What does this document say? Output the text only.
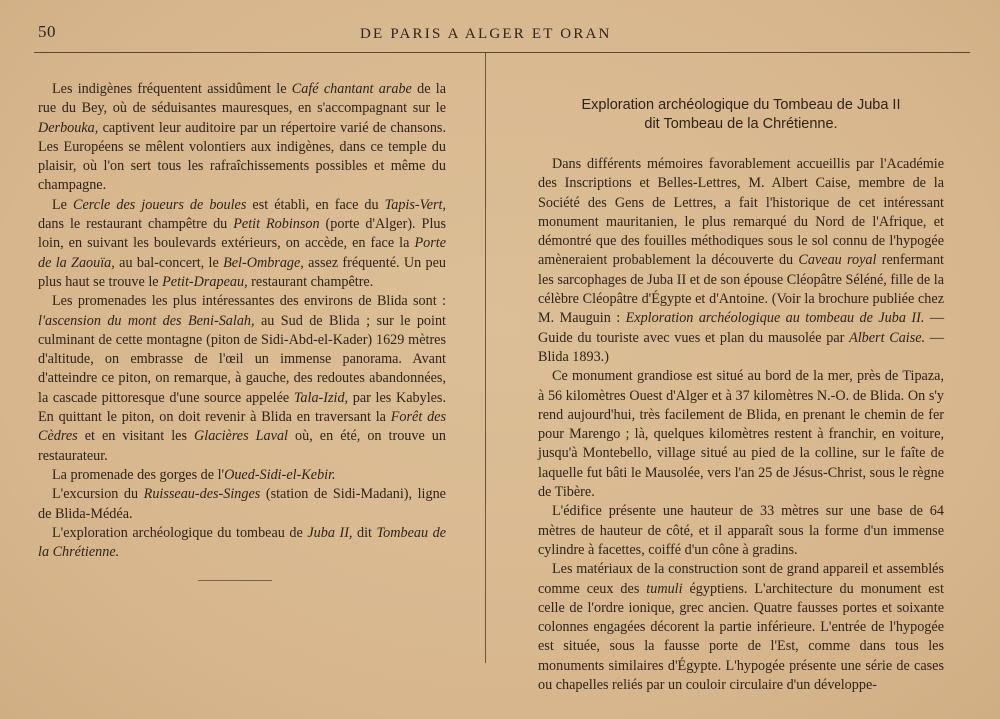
50	DE PARIS A ALGER ET ORAN

Les indigènes fréquentent assidûment le Café chantant arabe de la rue du Bey, où de séduisantes mauresques, en s'accompagnant sur le Derbouka, captivent leur auditoire par un répertoire varié de chansons. Les Européens se mêlent volontiers aux indigènes, dans ce temple du plaisir, où l'on sert tous les rafraîchissements possibles et même du champagne.

Le Cercle des joueurs de boules est établi, en face du Tapis-Vert, dans le restaurant champêtre du Petit Robinson (porte d'Alger). Plus loin, en suivant les boulevards extérieurs, on accède, en face la Porte de la Zaouïa, au bal-concert, le Bel-Ombrage, assez fréquenté. Un peu plus haut se trouve le Petit-Drapeau, restaurant champêtre.

Les promenades les plus intéressantes des environs de Blida sont : l'ascension du mont des Beni-Salah, au Sud de Blida ; sur le point culminant de cette montagne (piton de Sidi-Abd-el-Kader) 1629 mètres d'altitude, on embrasse de l'œil un immense panorama. Avant d'atteindre ce piton, on remarque, à gauche, des redoutes abandonnées, la cascade pittoresque d'une source appelée Tala-Izid, par les Kabyles. En quittant le piton, on doit revenir à Blida en traversant la Forêt des Cèdres et en visitant les Glacières Laval où, en été, on trouve un restaurateur.

La promenade des gorges de l'Oued-Sidi-el-Kebir.

L'excursion du Ruisseau-des-Singes (station de Sidi-Madani), ligne de Blida-Médéa.

L'exploration archéologique du tombeau de Juba II, dit Tombeau de la Chrétienne.

Exploration archéologique du Tombeau de Juba II
dit Tombeau de la Chrétienne.

Dans différents mémoires favorablement accueillis par l'Académie des Inscriptions et Belles-Lettres, M. Albert Caise, membre de la Société des Gens de Lettres, a fait l'historique de cet intéressant monument mauritanien, le plus remarqué du Nord de l'Afrique, et démontré que des fouilles méthodiques sous le sol connu de l'hypogée amèneraient probablement la découverte du Caveau royal renfermant les sarcophages de Juba II et de son épouse Cléopâtre Séléné, fille de la célèbre Cléopâtre d'Égypte et d'Antoine. (Voir la brochure publiée chez M. Mauguin : Exploration archéologique au tombeau de Juba II. — Guide du touriste avec vues et plan du mausolée par Albert Caise. — Blida 1893.)

Ce monument grandiose est situé au bord de la mer, près de Tipaza, à 56 kilomètres Ouest d'Alger et à 37 kilomètres N.-O. de Blida. On s'y rend aujourd'hui, très facilement de Blida, en prenant le chemin de fer pour Marengo ; là, quelques kilomètres restent à franchir, en voiture, jusqu'à Montebello, village situé au pied de la colline, sur le faîte de laquelle fut bâti le Mausolée, vers l'an 25 de Jésus-Christ, sous le règne de Tibère.

L'édifice présente une hauteur de 33 mètres sur une base de 64 mètres de hauteur de côté, et il apparaît sous la forme d'un immense cylindre à facettes, coiffé d'un cône à gradins.

Les matériaux de la construction sont de grand appareil et assemblés comme ceux des tumuli égyptiens. L'architecture du monument est celle de l'ordre ionique, grec ancien. Quatre fausses portes et soixante colonnes engagées décorent la partie inférieure. L'entrée de l'hypogée est située, sous la fausse porte de l'Est, comme dans tous les monuments similaires d'Égypte. L'hypogée présente une série de cases ou chapelles reliés par un couloir circulaire d'un développe-
